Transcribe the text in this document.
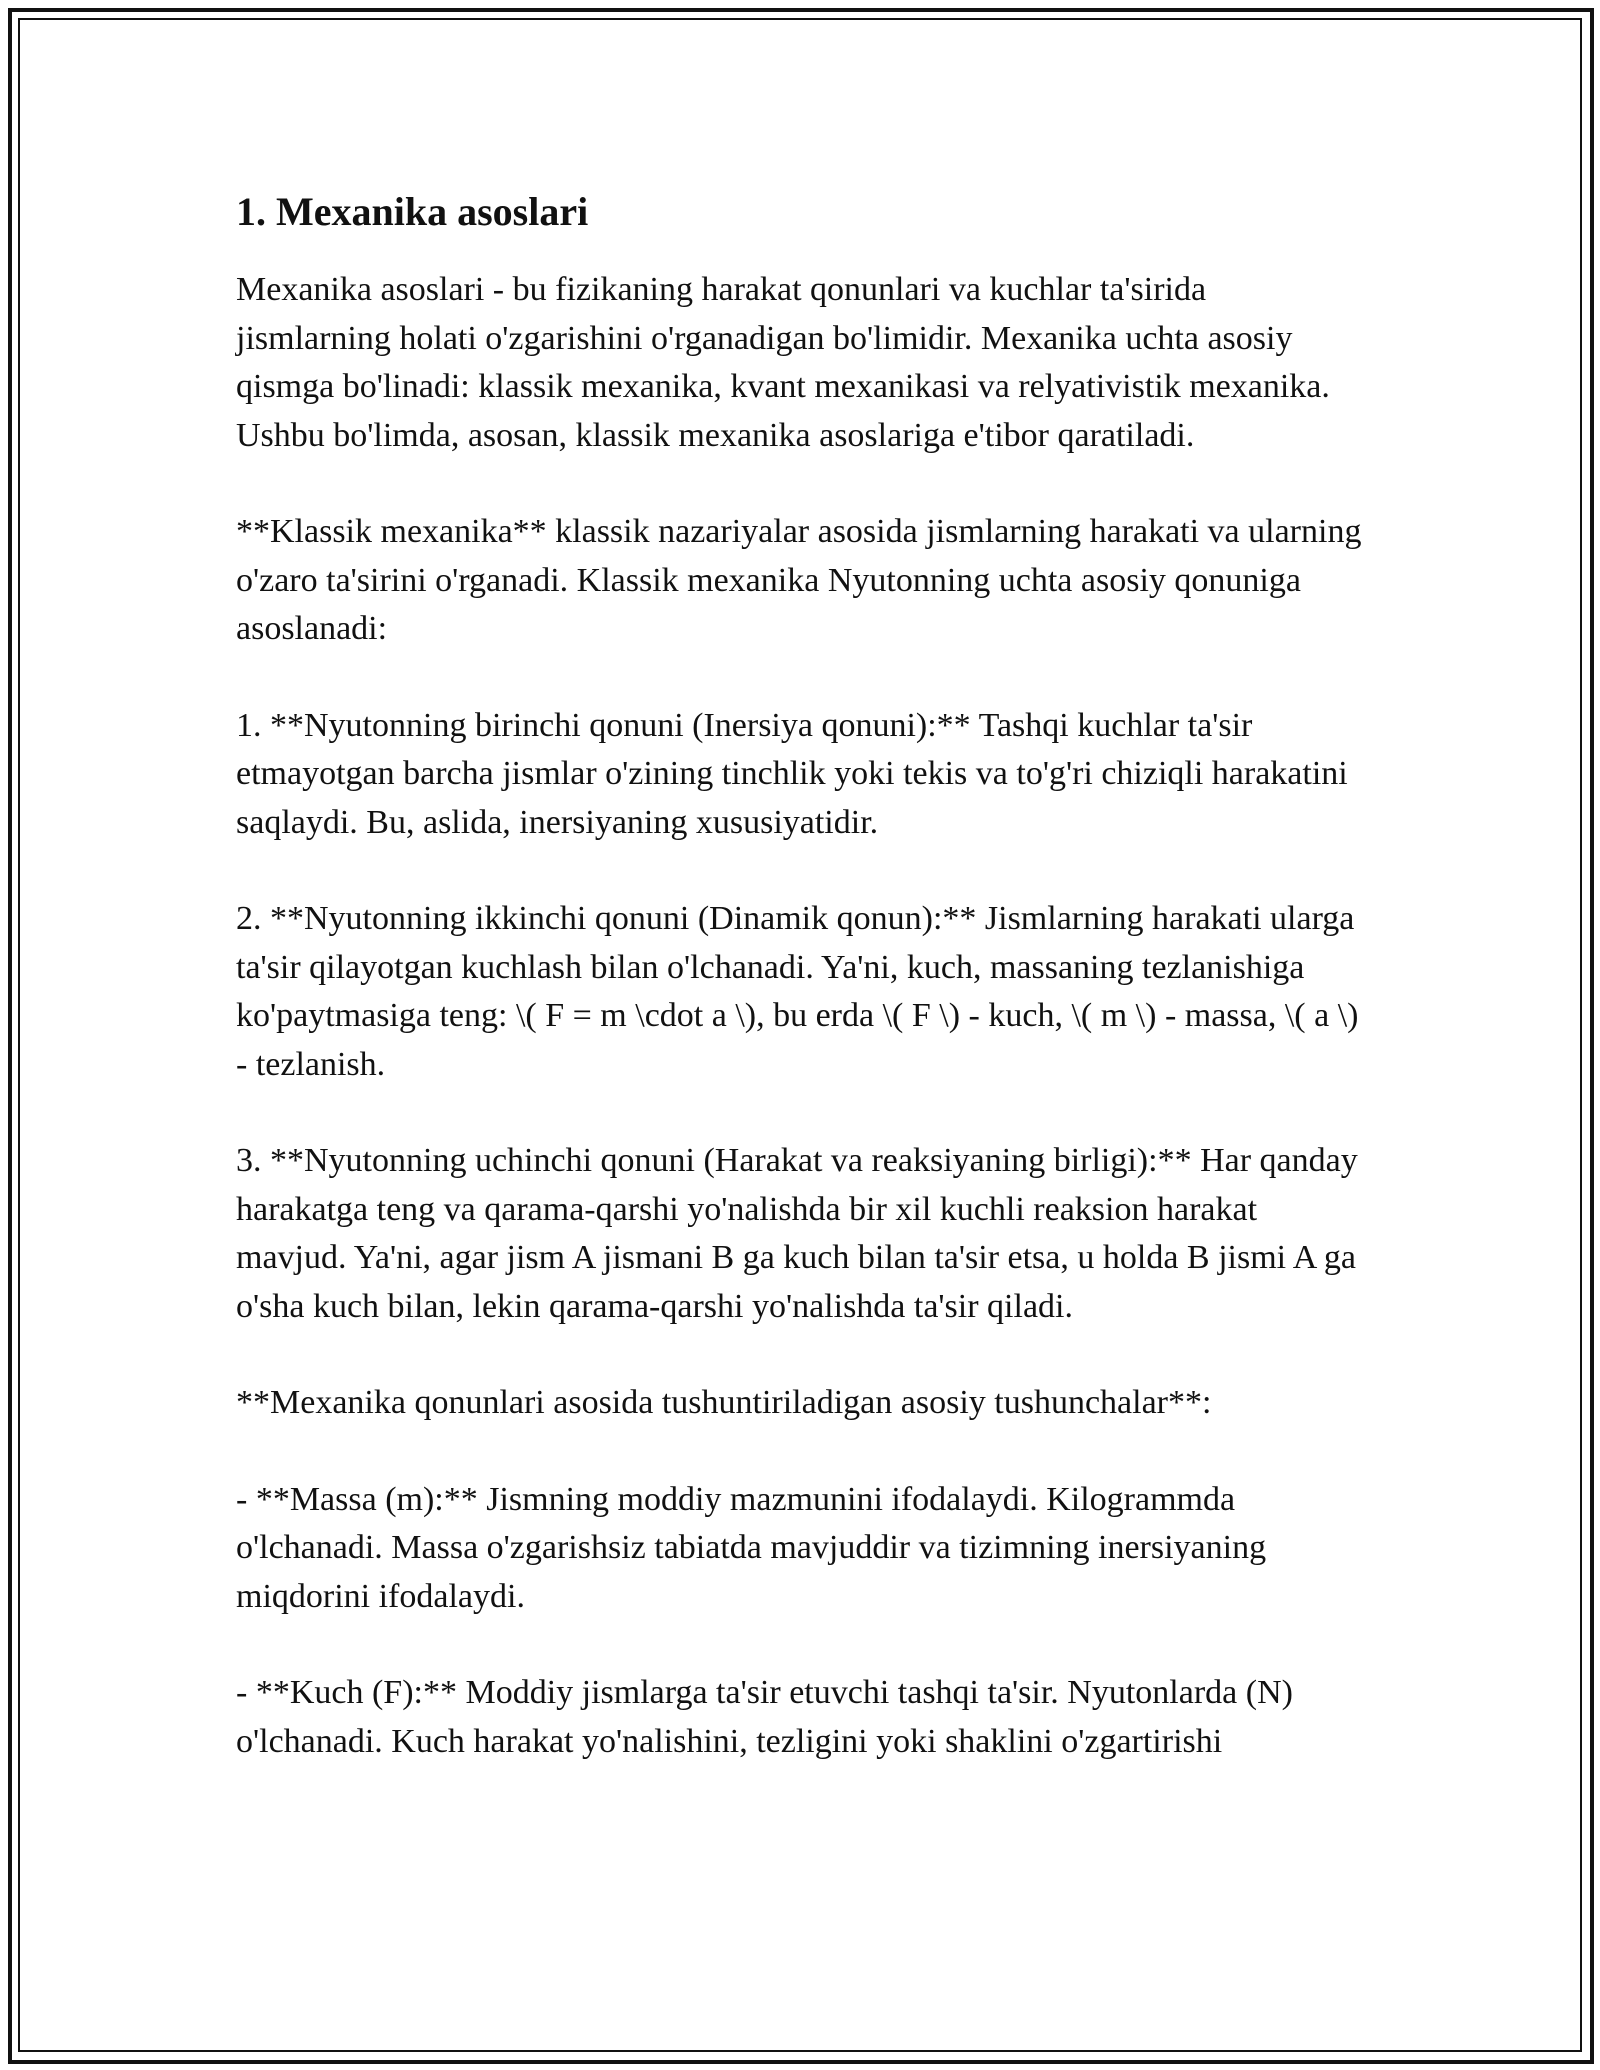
1. Mexanika asoslari

Mexanika asoslari - bu fizikaning harakat qonunlari va kuchlar ta'sirida jismlarning holati o'zgarishini o'rganadigan bo'limidir. Mexanika uchta asosiy qismga bo'linadi: klassik mexanika, kvant mexanikasi va relyativistik mexanika. Ushbu bo'limda, asosan, klassik mexanika asoslariga e'tibor qaratiladi.

**Klassik mexanika** klassik nazariyalar asosida jismlarning harakati va ularning o'zaro ta'sirini o'rganadi. Klassik mexanika Nyutonning uchta asosiy qonuniga asoslanadi:

1. **Nyutonning birinchi qonuni (Inersiya qonuni):** Tashqi kuchlar ta'sir etmayotgan barcha jismlar o'zining tinchlik yoki tekis va to'g'ri chiziqli harakatini saqlaydi. Bu, aslida, inersiyaning xususiyatidir.

2. **Nyutonning ikkinchi qonuni (Dinamik qonun):** Jismlarning harakati ularga ta'sir qilayotgan kuchlash bilan o'lchanadi. Ya'ni, kuch, massaning tezlanishiga ko'paytmasiga teng: \( F = m \cdot a \), bu erda \( F \) - kuch, \( m \) - massa, \( a \) - tezlanish.

3. **Nyutonning uchinchi qonuni (Harakat va reaksiyaning birligi):** Har qanday harakatga teng va qarama-qarshi yo'nalishda bir xil kuchli reaksion harakat mavjud. Ya'ni, agar jism A jismani B ga kuch bilan ta'sir etsa, u holda B jismi A ga o'sha kuch bilan, lekin qarama-qarshi yo'nalishda ta'sir qiladi.

**Mexanika qonunlari asosida tushuntiriladigan asosiy tushunchalar**:

- **Massa (m):** Jismning moddiy mazmunini ifodalaydi. Kilogrammda o'lchanadi. Massa o'zgarishsiz tabiatda mavjuddir va tizimning inersiyaning miqdorini ifodalaydi.

- **Kuch (F):** Moddiy jismlarga ta'sir etuvchi tashqi ta'sir. Nyutonlarda (N) o'lchanadi. Kuch harakat yo'nalishini, tezligini yoki shaklini o'zgartirishi
